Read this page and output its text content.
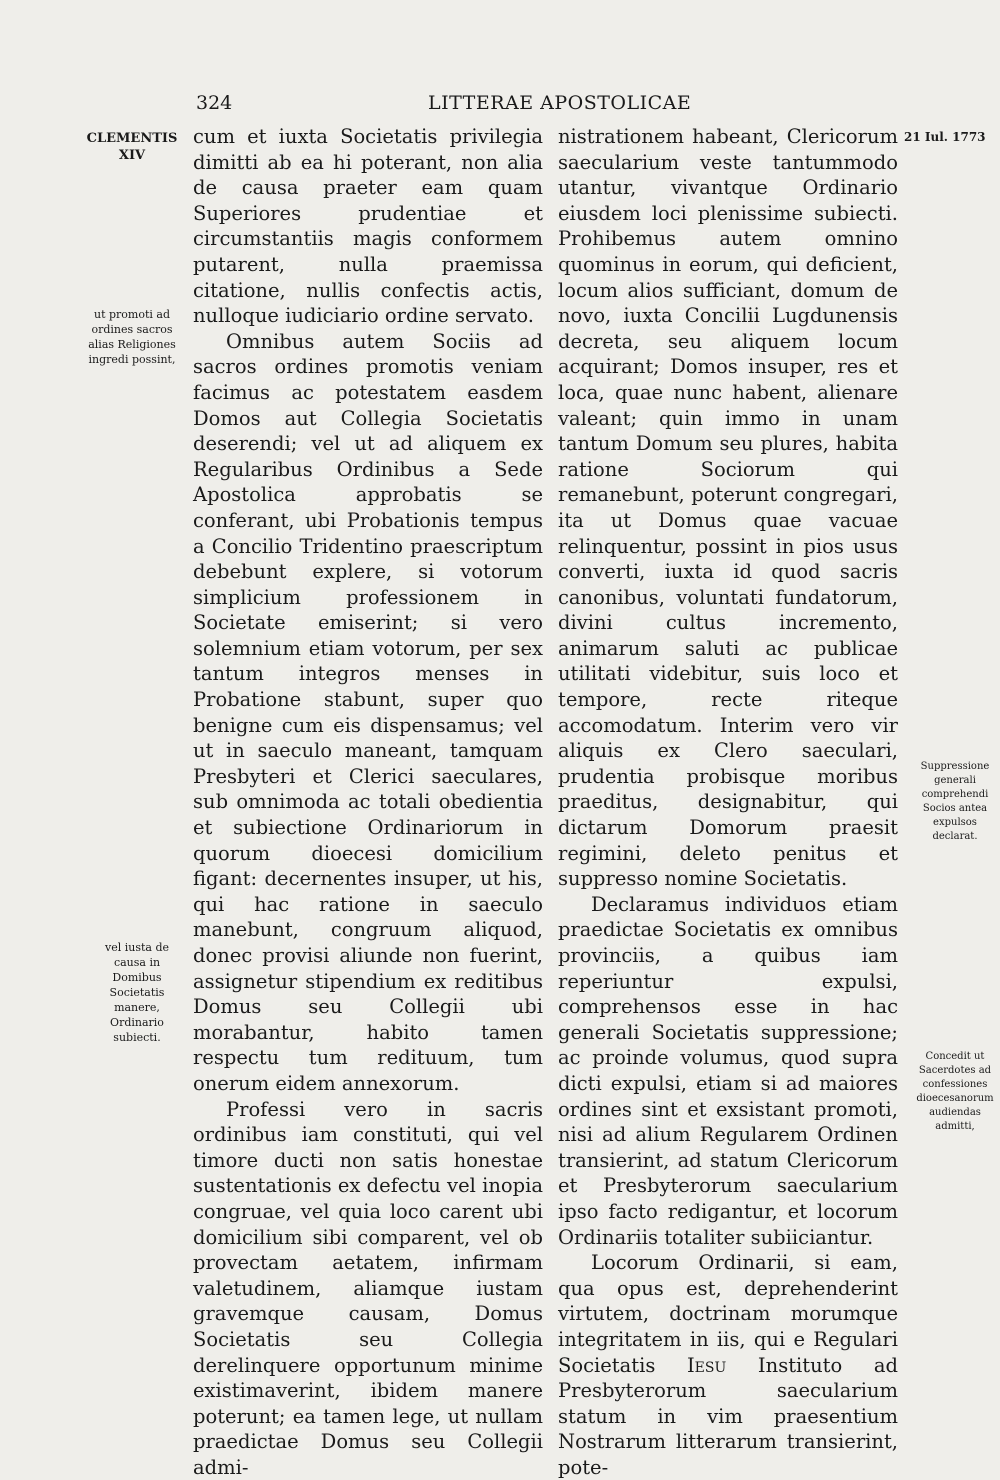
324	LITTERAE APOSTOLICAE
CLEMENTIS XIV
ut promoti ad ordines sacros alias Religiones ingredi possint,
vel iusta de causa in Domibus Societatis manere, Ordinario subiecti.
21 Iul. 1773
Suppressione generali comprehendi Socios antea expulsos declarat.
Concedit ut Sacerdotes ad confessiones dioecesanorum audiendas admitti,

cum et iuxta Societatis privilegia dimitti ab ea hi poterant, non alia de causa praeter eam quam Superiores prudentiae et circumstantiis magis conformem putarent, nulla praemissa citatione, nullis confectis actis, nulloque iudiciario ordine servato.

Omnibus autem Sociis ad sacros ordines promotis veniam facimus ac potestatem easdem Domos aut Collegia Societatis deserendi; vel ut ad aliquem ex Regularibus Ordinibus a Sede Apostolica approbatis se conferant, ubi Probationis tempus a Concilio Tridentino praescriptum debebunt explere, si votorum simplicium professionem in Societate emiserint; si vero solemnium etiam votorum, per sex tantum integros menses in Probatione stabunt, super quo benigne cum eis dispensamus; vel ut in saeculo maneant, tamquam Presbyteri et Clerici saeculares, sub omnimoda ac totali obedientia et subiectione Ordinariorum in quorum dioecesi domicilium figant: decernentes insuper, ut his, qui hac ratione in saeculo manebunt, congruum aliquod, donec provisi aliunde non fuerint, assignetur stipendium ex reditibus Domus seu Collegii ubi morabantur, habito tamen respectu tum redituum, tum onerum eidem annexorum.

Professi vero in sacris ordinibus iam constituti, qui vel timore ducti non satis honestae sustentationis ex defectu vel inopia congruae, vel quia loco carent ubi domicilium sibi comparent, vel ob provectam aetatem, infirmam valetudinem, aliamque iustam gravemque causam, Domus Societatis seu Collegia derelinquere opportunum minime existimaverint, ibidem manere poterunt; ea tamen lege, ut nullam praedictae Domus seu Collegii admi-

nistrationem habeant, Clericorum saecularium veste tantummodo utantur, vivantque Ordinario eiusdem loci plenissime subiecti. Prohibemus autem omnino quominus in eorum, qui deficient, locum alios sufficiant, domum de novo, iuxta Concilii Lugdunensis decreta, seu aliquem locum acquirant; Domos insuper, res et loca, quae nunc habent, alienare valeant; quin immo in unam tantum Domum seu plures, habita ratione Sociorum qui remanebunt, poterunt congregari, ita ut Domus quae vacuae relinquentur, possint in pios usus converti, iuxta id quod sacris canonibus, voluntati fundatorum, divini cultus incremento, animarum saluti ac publicae utilitati videbitur, suis loco et tempore, recte riteque accomodatum. Interim vero vir aliquis ex Clero saeculari, prudentia probisque moribus praeditus, designabitur, qui dictarum Domorum praesit regimini, deleto penitus et suppresso nomine Societatis.

Declaramus individuos etiam praedictae Societatis ex omnibus provinciis, a quibus iam reperiuntur expulsi, comprehensos esse in hac generali Societatis suppressione; ac proinde volumus, quod supra dicti expulsi, etiam si ad maiores ordines sint et exsistant promoti, nisi ad alium Regularem Ordinen transierint, ad statum Clericorum et Presbyterorum saecularium ipso facto redigantur, et locorum Ordinariis totaliter subiiciantur.

Locorum Ordinarii, si eam, qua opus est, deprehenderint virtutem, doctrinam morumque integritatem in iis, qui e Regulari Societatis Iesu Instituto ad Presbyterorum saecularium statum in vim praesentium Nostrarum litterarum transierint, pote-
